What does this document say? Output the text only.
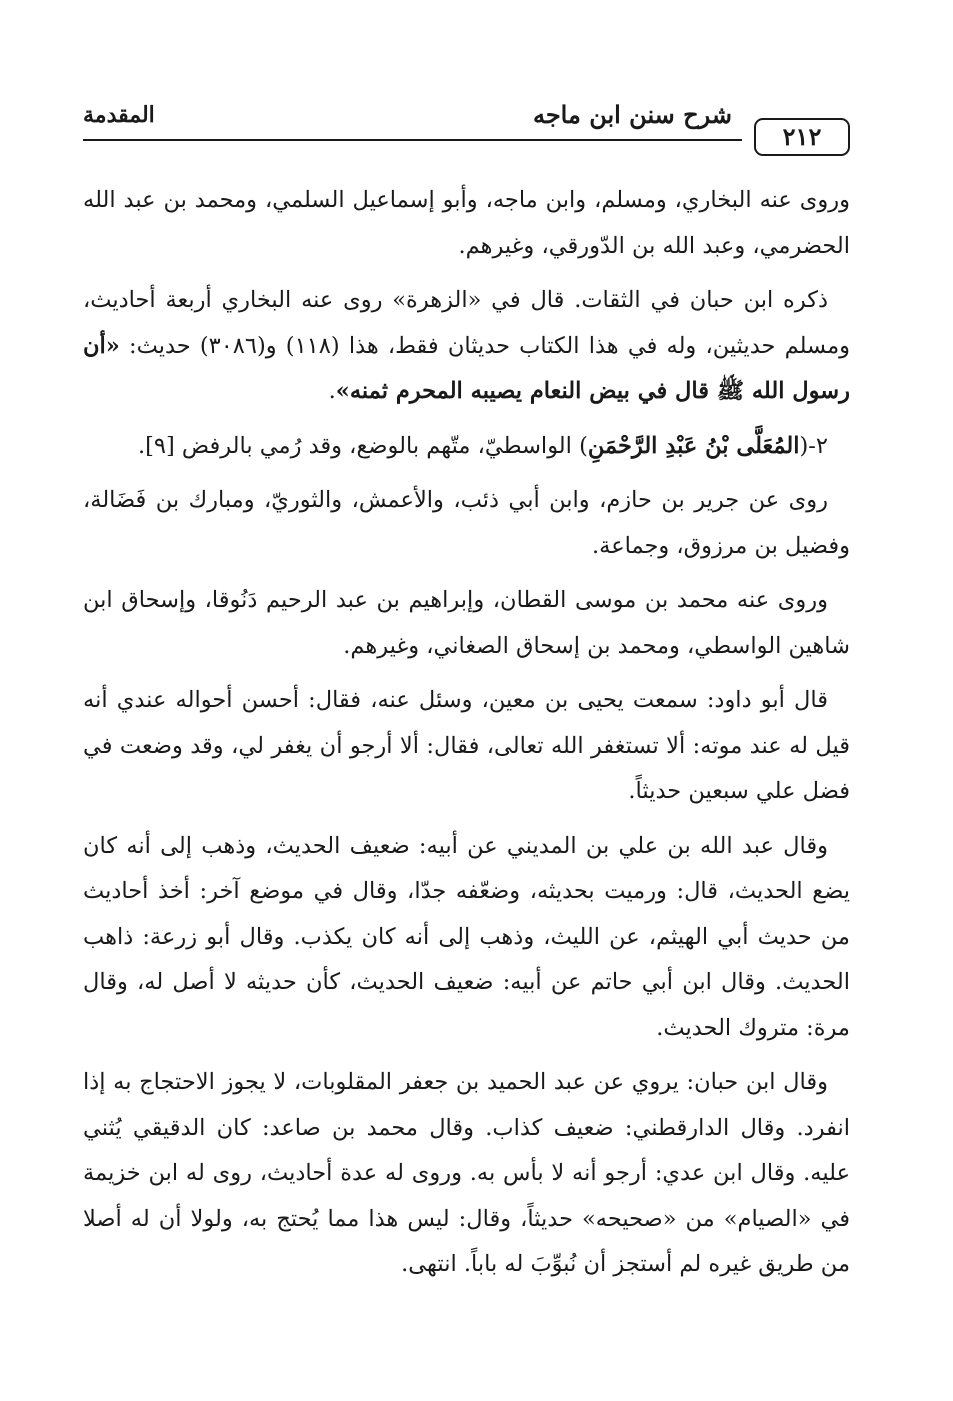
المقدمة	شرح سنن ابن ماجه
٢١٢

وروى عنه البخاري، ومسلم، وابن ماجه، وأبو إسماعيل السلمي، ومحمد بن عبد الله الحضرمي، وعبد الله بن الدّورقي، وغيرهم.

ذكره ابن حبان في الثقات. قال في «الزهرة» روى عنه البخاري أربعة أحاديث، ومسلم حديثين، وله في هذا الكتاب حديثان فقط، هذا (١١٨) و(٣٠٨٦) حديث: «أن رسول الله ﷺ قال في بيض النعام يصيبه المحرم ثمنه».

٢-(المُعَلَّى بْنُ عَبْدِ الرَّحْمَنِ) الواسطيّ، متّهم بالوضع، وقد رُمي بالرفض [٩].

روى عن جرير بن حازم، وابن أبي ذئب، والأعمش، والثوريّ، ومبارك بن فَضَالة، وفضيل بن مرزوق، وجماعة.

وروى عنه محمد بن موسى القطان، وإبراهيم بن عبد الرحيم دَنُوقا، وإسحاق ابن شاهين الواسطي، ومحمد بن إسحاق الصغاني، وغيرهم.

قال أبو داود: سمعت يحيى بن معين، وسئل عنه، فقال: أحسن أحواله عندي أنه قيل له عند موته: ألا تستغفر الله تعالى، فقال: ألا أرجو أن يغفر لي، وقد وضعت في فضل علي سبعين حديثاً.

وقال عبد الله بن علي بن المديني عن أبيه: ضعيف الحديث، وذهب إلى أنه كان يضع الحديث، قال: ورميت بحديثه، وضعّفه جدّا، وقال في موضع آخر: أخذ أحاديث من حديث أبي الهيثم، عن الليث، وذهب إلى أنه كان يكذب. وقال أبو زرعة: ذاهب الحديث. وقال ابن أبي حاتم عن أبيه: ضعيف الحديث، كأن حديثه لا أصل له، وقال مرة: متروك الحديث.

وقال ابن حبان: يروي عن عبد الحميد بن جعفر المقلوبات، لا يجوز الاحتجاج به إذا انفرد. وقال الدارقطني: ضعيف كذاب. وقال محمد بن صاعد: كان الدقيقي يُثني عليه. وقال ابن عدي: أرجو أنه لا بأس به. وروى له عدة أحاديث، روى له ابن خزيمة في «الصيام» من «صحيحه» حديثاً، وقال: ليس هذا مما يُحتج به، ولولا أن له أصلا من طريق غيره لم أستجز أن نُبوِّبَ له باباً. انتهى.
